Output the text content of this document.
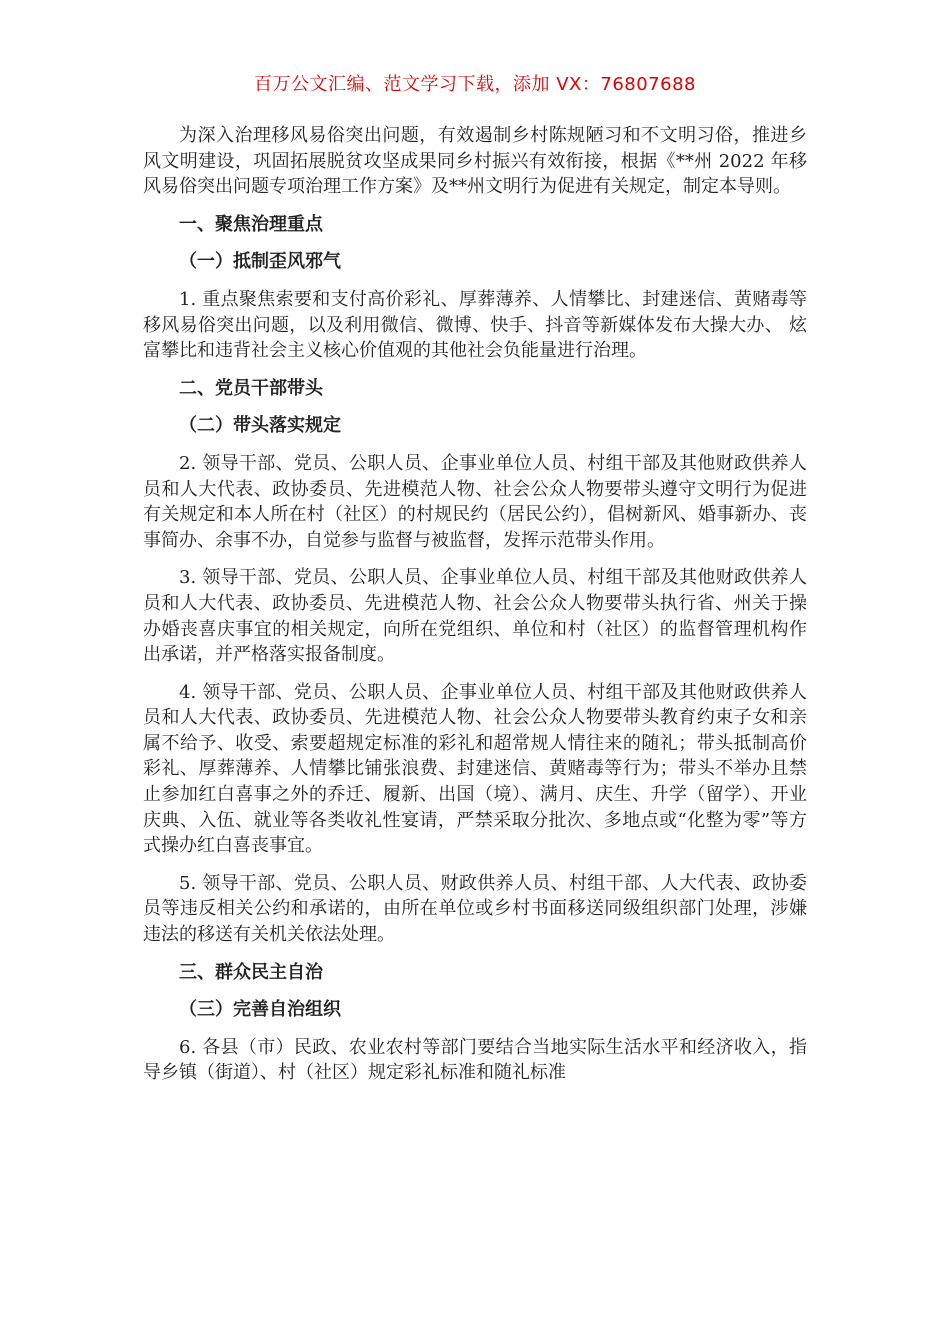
百万公文汇编、范文学习下载，添加 VX：76807688

为深入治理移风易俗突出问题，有效遏制乡村陈规陋习和不文明习俗，推进乡风文明建设，巩固拓展脱贫攻坚成果同乡村振兴有效衔接，根据《**州 2022 年移风易俗突出问题专项治理工作方案》及**州文明行为促进有关规定，制定本导则。

一、聚焦治理重点

（一）抵制歪风邪气

1. 重点聚焦索要和支付高价彩礼、厚葬薄养、人情攀比、封建迷信、黄赌毒等移风易俗突出问题，以及利用微信、微博、快手、抖音等新媒体发布大操大办、 炫富攀比和违背社会主义核心价值观的其他社会负能量进行治理。

二、党员干部带头

（二）带头落实规定

2. 领导干部、党员、公职人员、企事业单位人员、村组干部及其他财政供养人员和人大代表、政协委员、先进模范人物、社会公众人物要带头遵守文明行为促进有关规定和本人所在村（社区）的村规民约（居民公约），倡树新风、婚事新办、丧事简办、余事不办，自觉参与监督与被监督，发挥示范带头作用。

3. 领导干部、党员、公职人员、企事业单位人员、村组干部及其他财政供养人员和人大代表、政协委员、先进模范人物、社会公众人物要带头执行省、州关于操办婚丧喜庆事宜的相关规定，向所在党组织、单位和村（社区）的监督管理机构作出承诺，并严格落实报备制度。

4. 领导干部、党员、公职人员、企事业单位人员、村组干部及其他财政供养人员和人大代表、政协委员、先进模范人物、社会公众人物要带头教育约束子女和亲属不给予、收受、索要超规定标准的彩礼和超常规人情往来的随礼；带头抵制高价彩礼、厚葬薄养、人情攀比铺张浪费、封建迷信、黄赌毒等行为；带头不举办且禁止参加红白喜事之外的乔迁、履新、出国（境）、满月、庆生、升学（留学）、开业庆典、入伍、就业等各类收礼性宴请，严禁采取分批次、多地点或“化整为零”等方式操办红白喜丧事宜。

5. 领导干部、党员、公职人员、财政供养人员、村组干部、人大代表、政协委员等违反相关公约和承诺的，由所在单位或乡村书面移送同级组织部门处理，涉嫌违法的移送有关机关依法处理。

三、群众民主自治

（三）完善自治组织

6. 各县（市）民政、农业农村等部门要结合当地实际生活水平和经济收入，指导乡镇（街道）、村（社区）规定彩礼标准和随礼标准
